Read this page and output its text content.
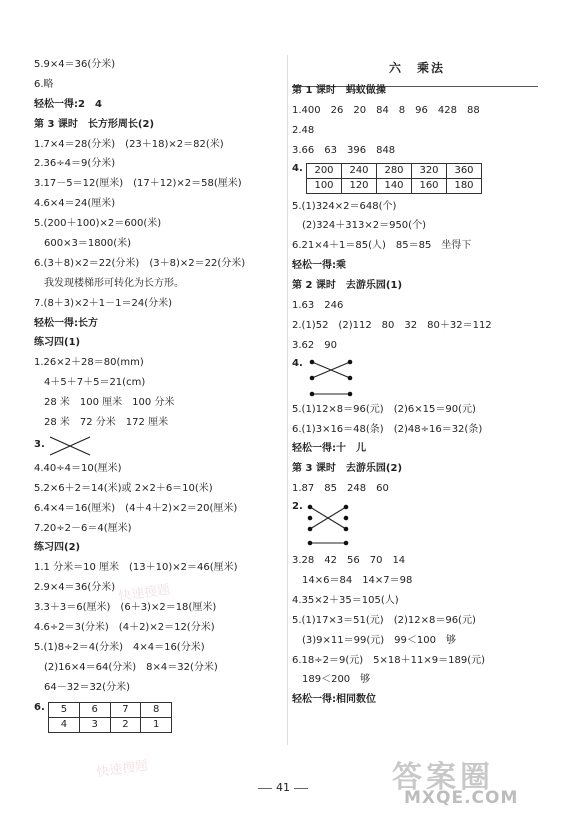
5.9×4＝36(分米)
6.略
轻松一得:2　4
第 3 课时　长方形周长(2)
1.7×4＝28(分米)　(23＋18)×2＝82(米)
2.36÷4＝9(分米)
3.17－5＝12(厘米)　(17＋12)×2＝58(厘米)
4.6×4＝24(厘米)
5.(200＋100)×2＝600(米)
600×3＝1800(米)
6.(3＋8)×2＝22(分米)　(3＋8)×2＝22(分米)
我发现楼梯形可转化为长方形。
7.(8＋3)×2＋1－1＝24(分米)
轻松一得:长方
练习四(1)
1.26×2＋28＝80(mm)
4＋5＋7＋5＝21(cm)
28 米　100 厘米　100 分米
28 米　72 分米　172 厘米
3.
4.40÷4＝10(厘米)
5.2×6＋2＝14(米)或 2×2＋6＝10(米)
6.4×4＝16(厘米)　(4＋4＋2)×2＝20(厘米)
7.20÷2－6＝4(厘米)
练习四(2)
1.1 分米＝10 厘米　(13＋10)×2＝46(厘米)
2.9×4＝36(分米)
3.3＋3＝6(厘米)　(6＋3)×2＝18(厘米)
4.6÷2＝3(分米)　(4＋2)×2＝12(分米)
5.(1)8÷2＝4(分米)　4×4＝16(分米)
(2)16×4＝64(分米)　8×4＝32(分米)
64－32＝32(分米)
6. 5	6	7	8
4	3	2	1
六　乘法
第 1 课时　蚂蚁做操
1.400　26　20　84　8　96　428　88
2.48
3.66　63　396　848
4. 200	240	280	320	360
100	120	140	160	180
5.(1)324×2＝648(个)
(2)324＋313×2＝950(个)
6.21×4＋1＝85(人)　85＝85　坐得下
轻松一得:乘
第 2 课时　去游乐园(1)
1.63　246
2.(1)52　(2)112　80　32　80＋32＝112
3.62　90
4.
5.(1)12×8＝96(元)　(2)6×15＝90(元)
6.(1)3×16＝48(条)　(2)48÷16＝32(条)
轻松一得:十　儿
第 3 课时　去游乐园(2)
1.87　85　248　60
2.
3.28　42　56　70　14
14×6＝84　14×7＝98
4.35×2＋35＝105(人)
5.(1)17×3＝51(元)　(2)12×8＝96(元)
(3)9×11＝99(元)　99＜100　够
6.18÷2＝9(元)　5×18＋11×9＝189(元)
189＜200　够
轻松一得:相同数位
41
快速搜题
快速搜题	答案圈
MXQE.COM
